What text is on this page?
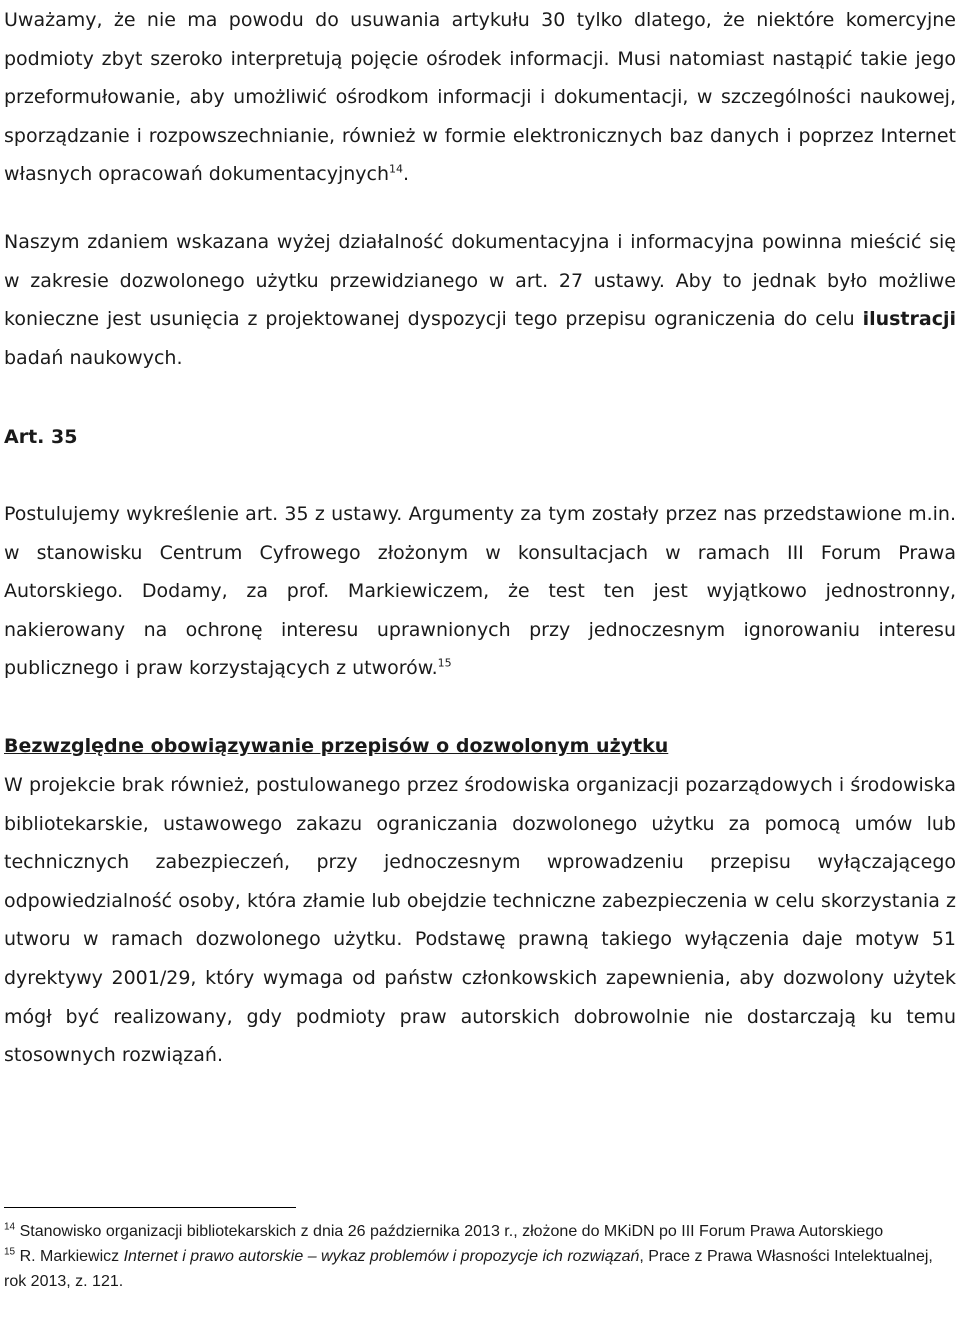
Uważamy, że nie ma powodu do usuwania artykułu 30 tylko dlatego, że niektóre komercyjne podmioty zbyt szeroko interpretują pojęcie ośrodek informacji. Musi natomiast nastąpić takie jego przeformułowanie, aby umożliwić ośrodkom informacji i dokumentacji, w szczególności naukowej, sporządzanie i rozpowszechnianie, również w formie elektronicznych baz danych i poprzez Internet własnych opracowań dokumentacyjnych$^{14}$.

Naszym zdaniem wskazana wyżej działalność dokumentacyjna i informacyjna powinna mieścić się w zakresie dozwolonego użytku przewidzianego w art. 27 ustawy. Aby to jednak było możliwe konieczne jest usunięcia z projektowanej dyspozycji tego przepisu ograniczenia do celu ilustracji badań naukowych.

Art. 35

Postulujemy wykreślenie art. 35 z ustawy. Argumenty za tym zostały przez nas przedstawione m.in. w stanowisku Centrum Cyfrowego złożonym w konsultacjach w ramach III Forum Prawa Autorskiego. Dodamy, za prof. Markiewiczem, że test ten jest wyjątkowo jednostronny, nakierowany na ochronę interesu uprawnionych przy jednoczesnym ignorowaniu interesu publicznego i praw korzystających z utworów.$^{15}$

Bezwzględne obowiązywanie przepisów o dozwolonym użytku

W projekcie brak również, postulowanego przez środowiska organizacji pozarządowych i środowiska bibliotekarskie, ustawowego zakazu ograniczania dozwolonego użytku za pomocą umów lub technicznych zabezpieczeń, przy jednoczesnym wprowadzeniu przepisu wyłączającego odpowiedzialność osoby, która złamie lub obejdzie techniczne zabezpieczenia w celu skorzystania z utworu w ramach dozwolonego użytku. Podstawę prawną takiego wyłączenia daje motyw 51 dyrektywy 2001/29, który wymaga od państw członkowskich zapewnienia, aby dozwolony użytek mógł być realizowany, gdy podmioty praw autorskich dobrowolnie nie dostarczają ku temu stosownych rozwiązań.

$^{14}$ Stanowisko organizacji bibliotekarskich z dnia 26 października 2013 r., złożone do MKiDN po III Forum Prawa Autorskiego

$^{15}$ R. Markiewicz Internet i prawo autorskie – wykaz problemów i propozycje ich rozwiązań, Prace z Prawa Własności Intelektualnej, rok 2013, z. 121.
